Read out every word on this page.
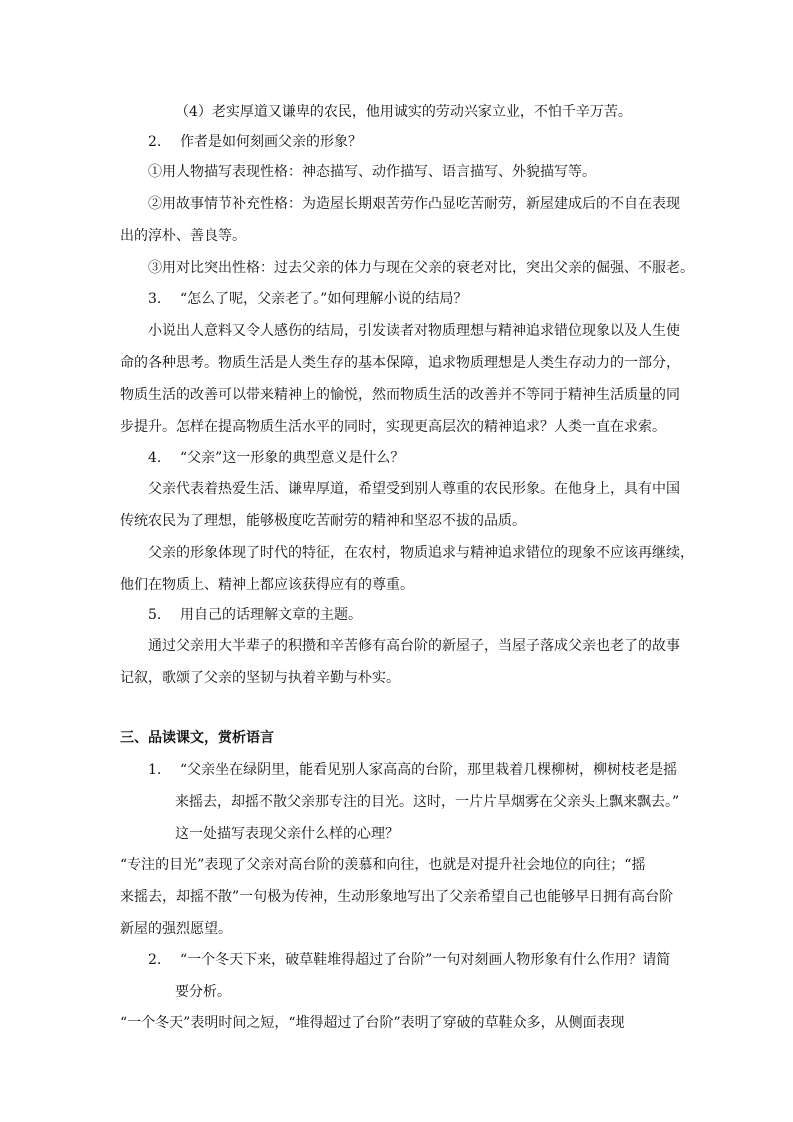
（4）老实厚道又谦卑的农民，他用诚实的劳动兴家立业，不怕千辛万苦。
2. 作者是如何刻画父亲的形象？
①用人物描写表现性格：神态描写、动作描写、语言描写、外貌描写等。
②用故事情节补充性格：为造屋长期艰苦劳作凸显吃苦耐劳，新屋建成后的不自在表现
出的淳朴、善良等。
③用对比突出性格：过去父亲的体力与现在父亲的衰老对比，突出父亲的倔强、不服老。
3. “怎么了呢，父亲老了。”如何理解小说的结局？
小说出人意料又令人感伤的结局，引发读者对物质理想与精神追求错位现象以及人生使
命的各种思考。物质生活是人类生存的基本保障，追求物质理想是人类生存动力的一部分，
物质生活的改善可以带来精神上的愉悦，然而物质生活的改善并不等同于精神生活质量的同
步提升。怎样在提高物质生活水平的同时，实现更高层次的精神追求？人类一直在求索。
4. “父亲”这一形象的典型意义是什么？
父亲代表着热爱生活、谦卑厚道，希望受到别人尊重的农民形象。在他身上，具有中国
传统农民为了理想，能够极度吃苦耐劳的精神和坚忍不拔的品质。
父亲的形象体现了时代的特征，在农村，物质追求与精神追求错位的现象不应该再继续，
他们在物质上、精神上都应该获得应有的尊重。
5. 用自己的话理解文章的主题。
通过父亲用大半辈子的积攒和辛苦修有高台阶的新屋子，当屋子落成父亲也老了的故事
记叙，歌颂了父亲的坚韧与执着辛勤与朴实。
三、品读课文，赏析语言
1. “父亲坐在绿阴里，能看见别人家高高的台阶，那里栽着几棵柳树，柳树枝老是摇
来摇去，却摇不散父亲那专注的目光。这时，一片片旱烟雾在父亲头上飘来飘去。”
这一处描写表现父亲什么样的心理？
“专注的目光”表现了父亲对高台阶的羡慕和向往，也就是对提升社会地位的向往；“摇
来摇去，却摇不散”一句极为传神，生动形象地写出了父亲希望自己也能够早日拥有高台阶
新屋的强烈愿望。
2. “一个冬天下来，破草鞋堆得超过了台阶”一句对刻画人物形象有什么作用？请简
要分析。
“一个冬天”表明时间之短，“堆得超过了台阶”表明了穿破的草鞋众多，从侧面表现
